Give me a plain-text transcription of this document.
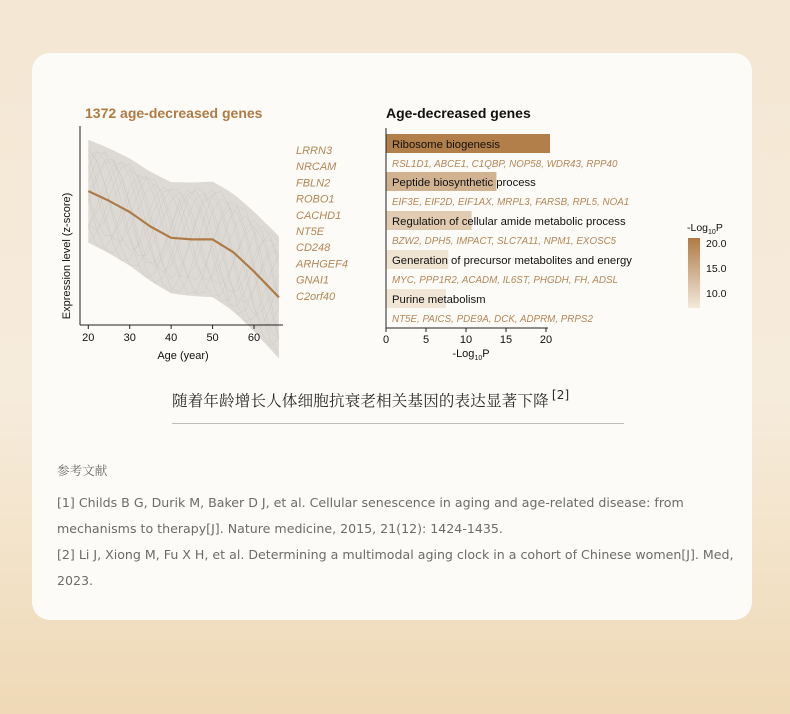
1372 age-decreased genes
20	30	40	50	60
Expression level (z-score)
Age (year)
LRRN3
NRCAM
FBLN2
ROBO1
CACHD1
NT5E
CD248
ARHGEF4
GNAI1
C2orf40
Age-decreased genes
Ribosome biogenesis
RSL1D1, ABCE1, C1QBP, NOP58, WDR43, RPP40
Peptide biosynthetic process
EIF3E, EIF2D, EIF1AX, MRPL3, FARSB, RPL5, NOA1
Regulation of cellular amide metabolic process
BZW2, DPH5, IMPACT, SLC7A11, NPM1, EXOSC5
Generation of precursor metabolites and energy
MYC, PPP1R2, ACADM, IL6ST, PHGDH, FH, ADSL
Purine metabolism
NT5E, PAICS, PDE9A, DCK, ADPRM, PRPS2
0	5	10	15	20
-Log$_{10}$P
-Log$_{10}$P
20.0
15.0
10.0
随着年龄增长人体细胞抗衰老相关基因的表达显著下降 [2]
参考文献

[1] Childs B G, Durik M, Baker D J, et al. Cellular senescence in aging and age-related disease: from mechanisms to therapy[J]. Nature medicine, 2015, 21(12): 1424-1435.

[2] Li J, Xiong M, Fu X H, et al. Determining a multimodal aging clock in a cohort of Chinese women[J]. Med, 2023.
